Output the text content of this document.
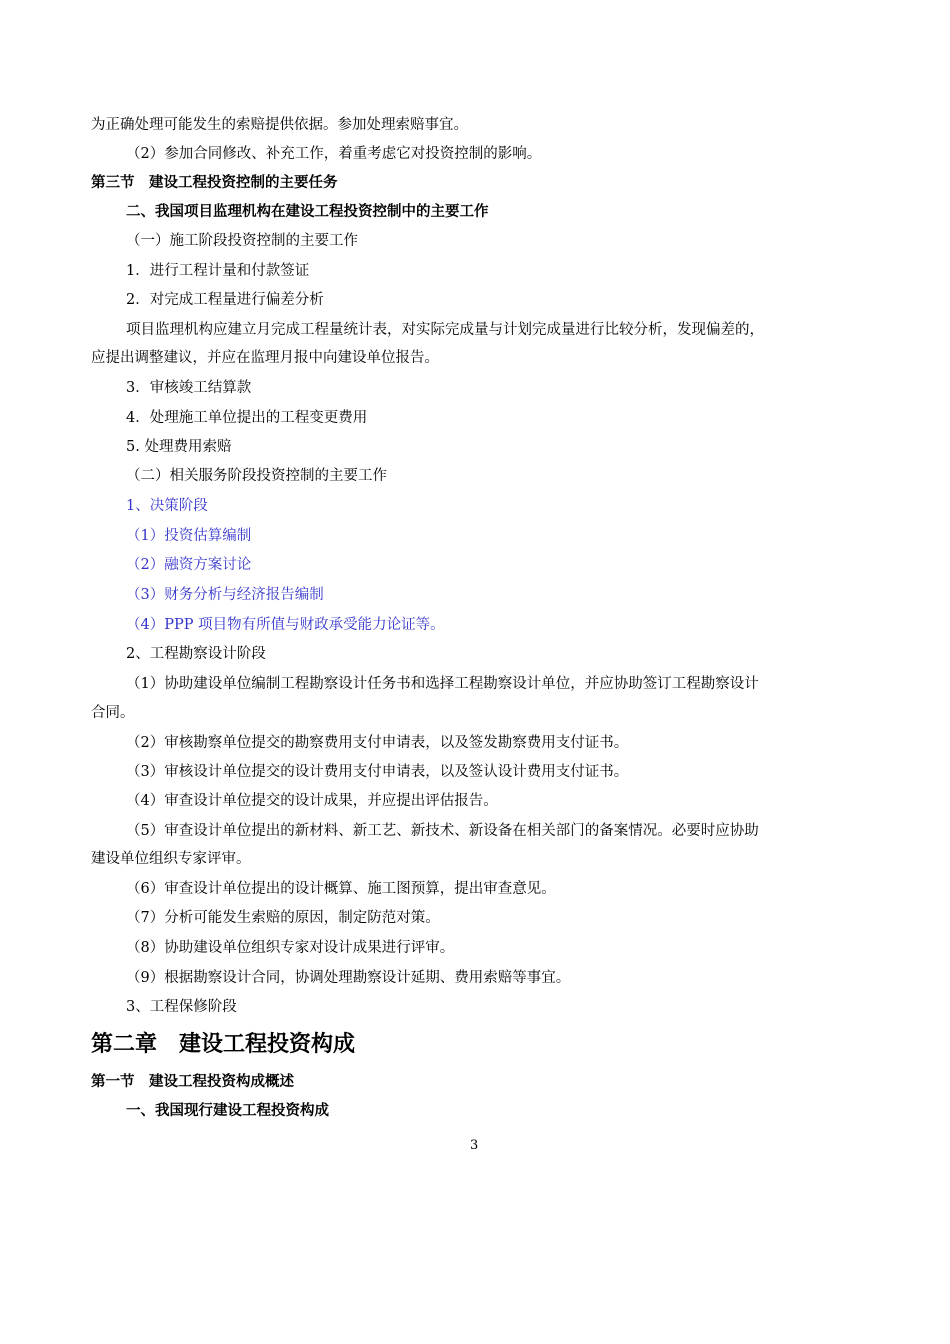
为正确处理可能发生的索赔提供依据。参加处理索赔事宜。
（2）参加合同修改、补充工作，着重考虑它对投资控制的影响。
第三节　建设工程投资控制的主要任务
二、我国项目监理机构在建设工程投资控制中的主要工作
（一）施工阶段投资控制的主要工作
1．进行工程计量和付款签证
2．对完成工程量进行偏差分析
项目监理机构应建立月完成工程量统计表，对实际完成量与计划完成量进行比较分析，发现偏差的，
应提出调整建议，并应在监理月报中向建设单位报告。
3．审核竣工结算款
4．处理施工单位提出的工程变更费用
5. 处理费用索赔
（二）相关服务阶段投资控制的主要工作
1、决策阶段
（1）投资估算编制
（2）融资方案讨论
（3）财务分析与经济报告编制
（4）PPP 项目物有所值与财政承受能力论证等。
2、工程勘察设计阶段
（1）协助建设单位编制工程勘察设计任务书和选择工程勘察设计单位，并应协助签订工程勘察设计
合同。
（2）审核勘察单位提交的勘察费用支付申请表，以及签发勘察费用支付证书。
（3）审核设计单位提交的设计费用支付申请表，以及签认设计费用支付证书。
（4）审查设计单位提交的设计成果，并应提出评估报告。
（5）审查设计单位提出的新材料、新工艺、新技术、新设备在相关部门的备案情况。必要时应协助
建设单位组织专家评审。
（6）审查设计单位提出的设计概算、施工图预算，提出审查意见。
（7）分析可能发生索赔的原因，制定防范对策。
（8）协助建设单位组织专家对设计成果进行评审。
（9）根据勘察设计合同，协调处理勘察设计延期、费用索赔等事宜。
3、工程保修阶段
第二章　建设工程投资构成
第一节　建设工程投资构成概述
一、我国现行建设工程投资构成
3
